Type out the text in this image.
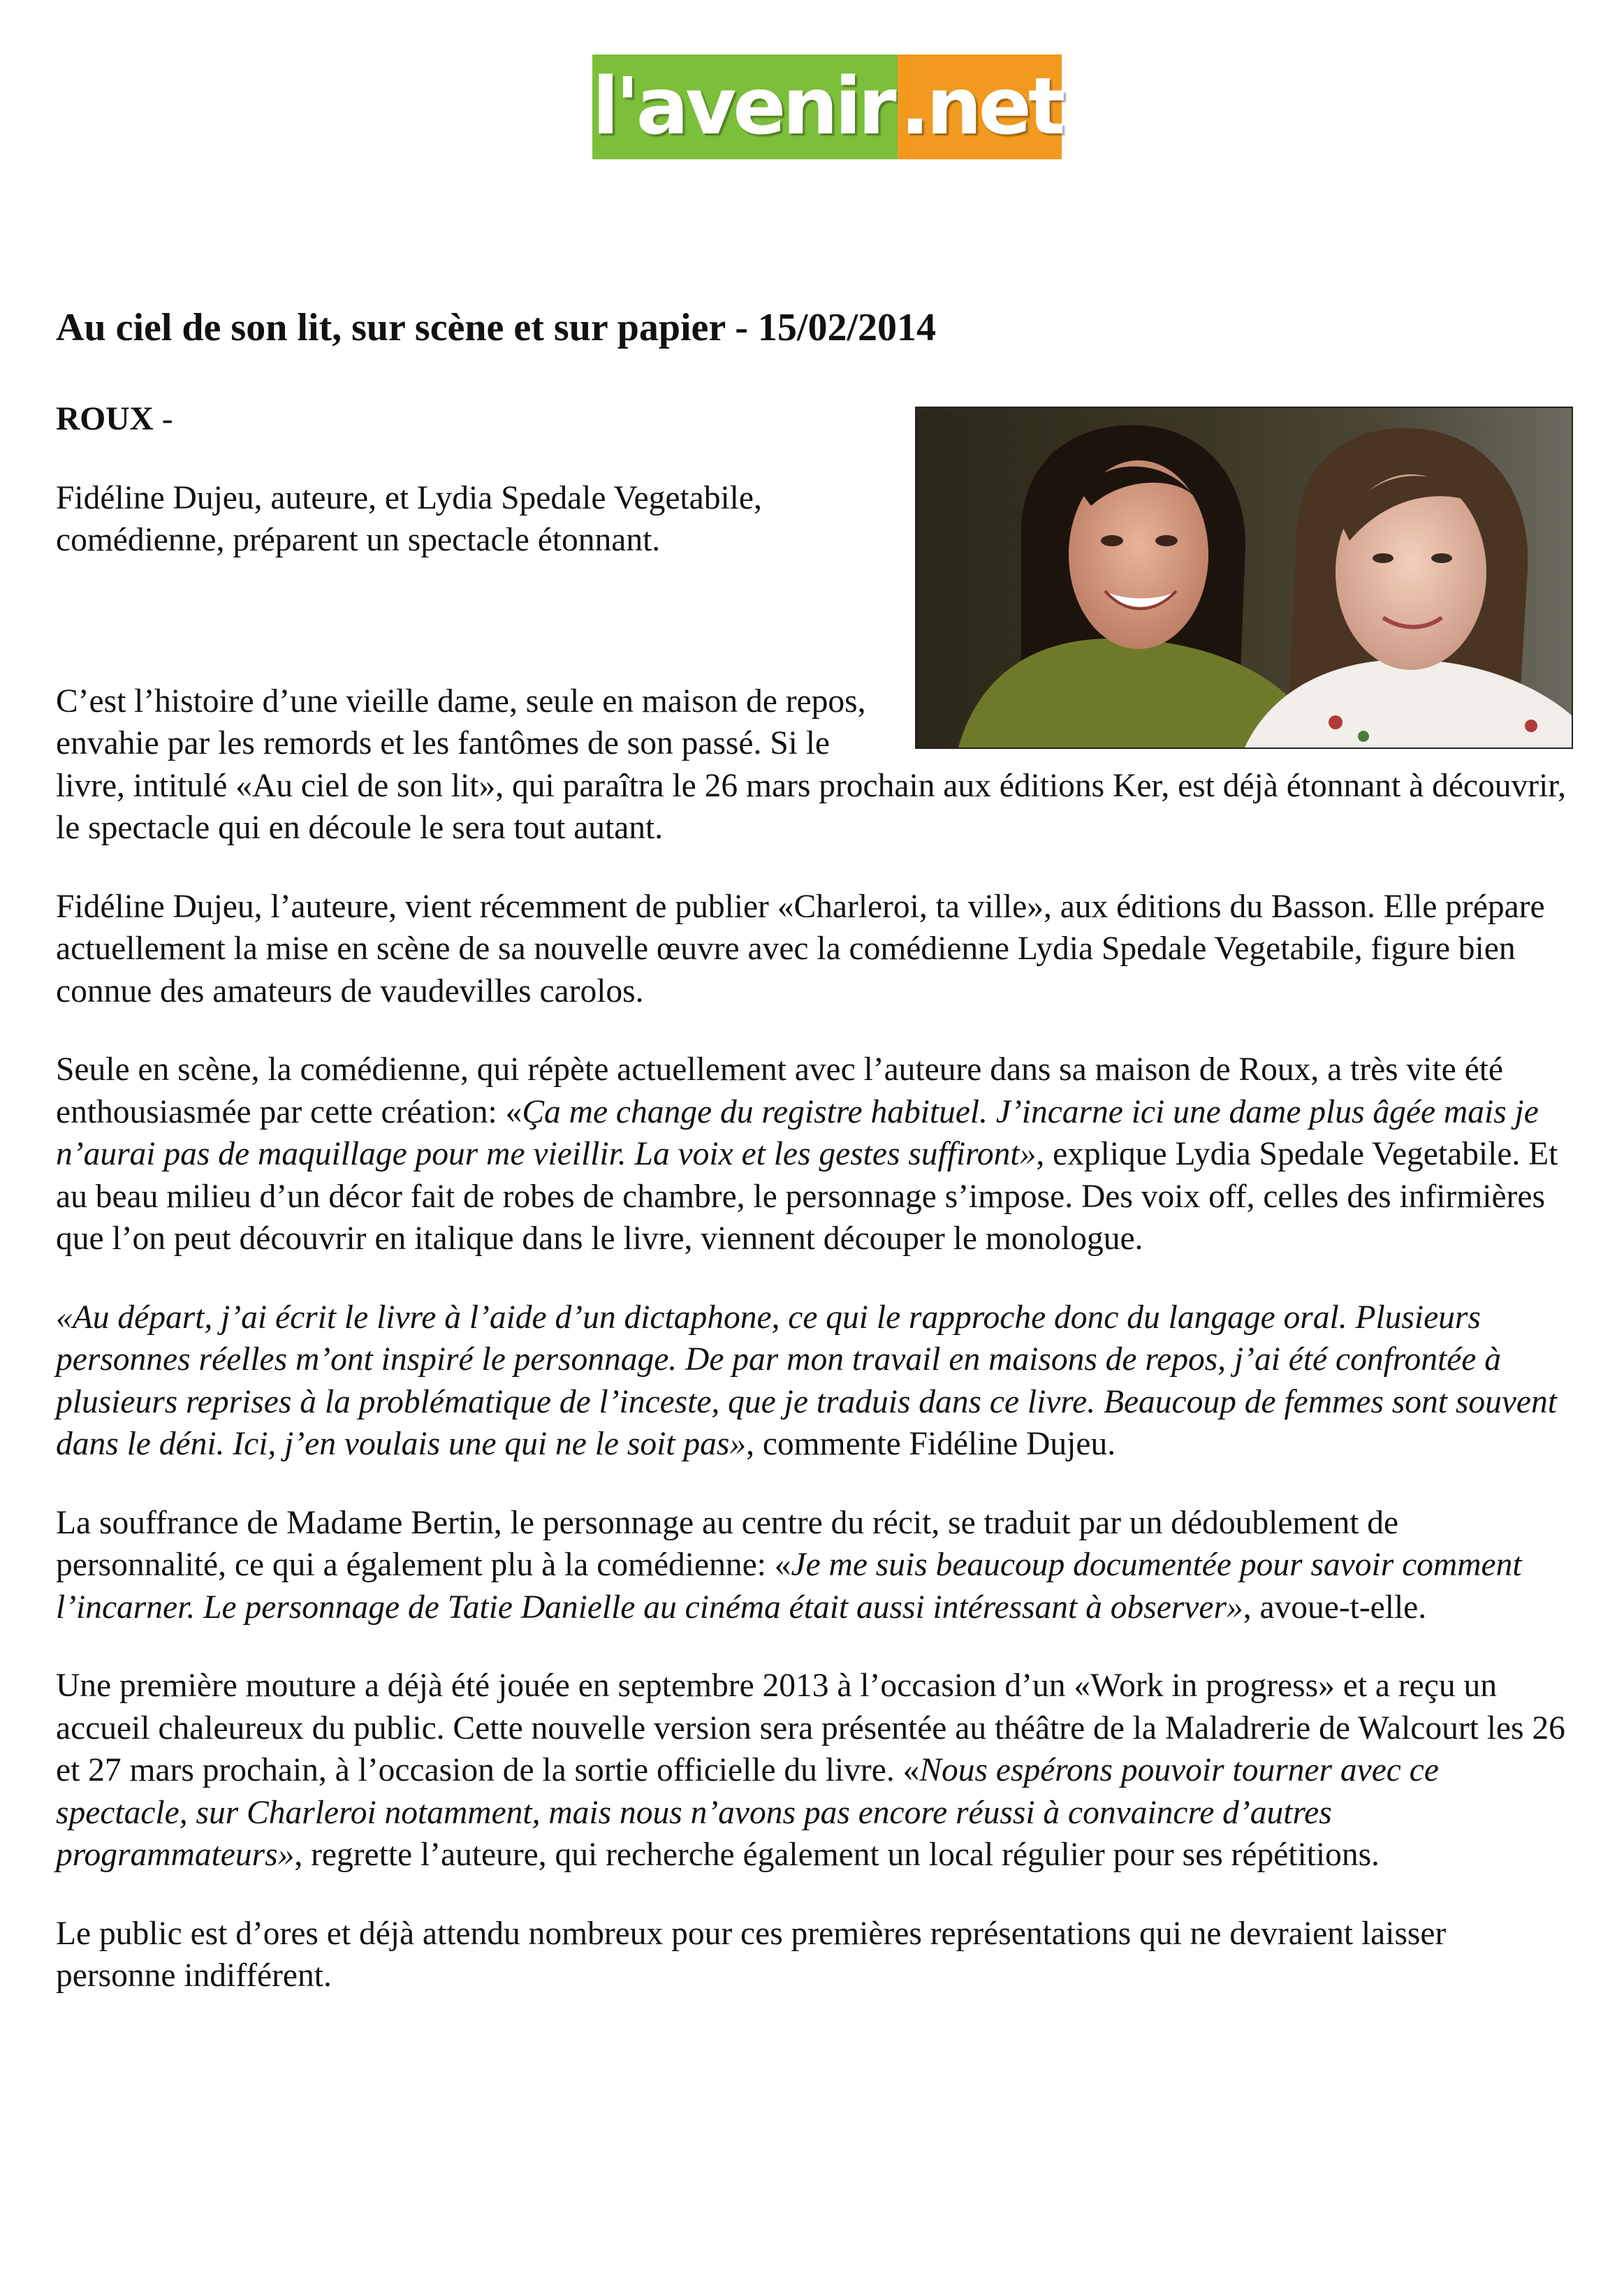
l'avenir .net
Au ciel de son lit, sur scène et sur papier - 15/02/2014

ROUX -

Fidéline Dujeu, auteure, et Lydia Spedale Vegetabile, comédienne, préparent un spectacle étonnant.

C’est l’histoire d’une vieille dame, seule en maison de repos, envahie par les remords et les fantômes de son passé. Si le livre, intitulé «Au ciel de son lit», qui paraîtra le 26 mars prochain aux éditions Ker, est déjà étonnant à découvrir, le spectacle qui en découle le sera tout autant.

Fidéline Dujeu, l’auteure, vient récemment de publier «Charleroi, ta ville», aux éditions du Basson. Elle prépare actuellement la mise en scène de sa nouvelle œuvre avec la comédienne Lydia Spedale Vegetabile, figure bien connue des amateurs de vaudevilles carolos.

Seule en scène, la comédienne, qui répète actuellement avec l’auteure dans sa maison de Roux, a très vite été enthousiasmée par cette création: «Ça me change du registre habituel. J’incarne ici une dame plus âgée mais je n’aurai pas de maquillage pour me vieillir. La voix et les gestes suffiront», explique Lydia Spedale Vegetabile. Et au beau milieu d’un décor fait de robes de chambre, le personnage s’impose. Des voix off, celles des infirmières que l’on peut découvrir en italique dans le livre, viennent découper le monologue.

«Au départ, j’ai écrit le livre à l’aide d’un dictaphone, ce qui le rapproche donc du langage oral. Plusieurs personnes réelles m’ont inspiré le personnage. De par mon travail en maisons de repos, j’ai été confrontée à plusieurs reprises à la problématique de l’inceste, que je traduis dans ce livre. Beaucoup de femmes sont souvent dans le déni. Ici, j’en voulais une qui ne le soit pas», commente Fidéline Dujeu.

La souffrance de Madame Bertin, le personnage au centre du récit, se traduit par un dédoublement de personnalité, ce qui a également plu à la comédienne: «Je me suis beaucoup documentée pour savoir comment l’incarner. Le personnage de Tatie Danielle au cinéma était aussi intéressant à observer», avoue-t-elle.

Une première mouture a déjà été jouée en septembre 2013 à l’occasion d’un «Work in progress» et a reçu un accueil chaleureux du public. Cette nouvelle version sera présentée au théâtre de la Maladrerie de Walcourt les 26 et 27 mars prochain, à l’occasion de la sortie officielle du livre. «Nous espérons pouvoir tourner avec ce spectacle, sur Charleroi notamment, mais nous n’avons pas encore réussi à convaincre d’autres programmateurs», regrette l’auteure, qui recherche également un local régulier pour ses répétitions.

Le public est d’ores et déjà attendu nombreux pour ces premières représentations qui ne devraient laisser personne indifférent.
